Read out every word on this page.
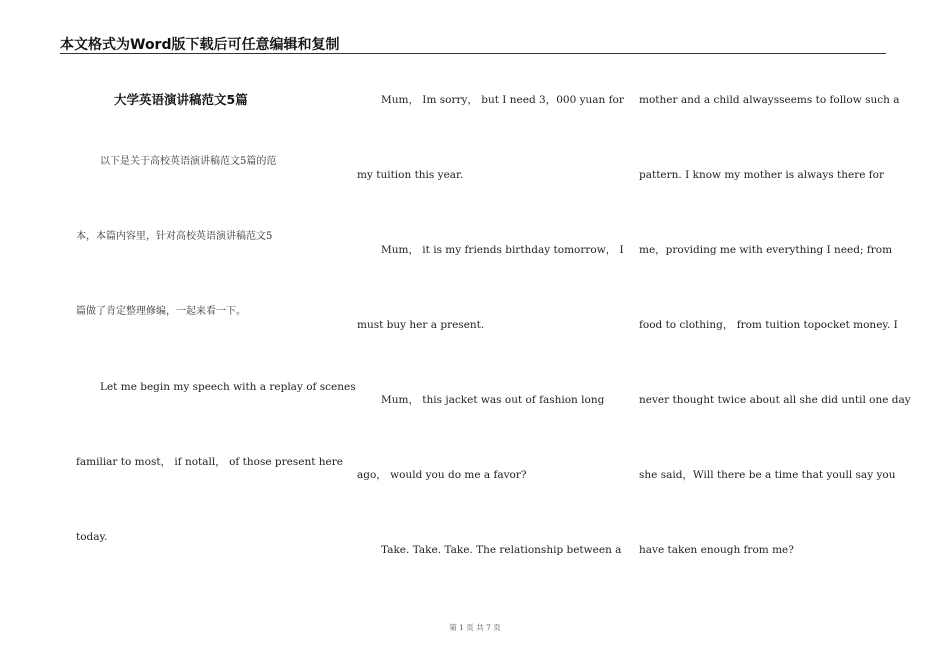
本文格式为Word版下载后可任意编辑和复制
大学英语演讲稿范文5篇
以下是关于高校英语演讲稿范文5篇的范
本，本篇内容里，针对高校英语演讲稿范文5
篇做了肯定整理修编，一起来看一下。
Let me begin my speech with a replay of scenes
familiar to most， if notall， of those present here
today.
Mum， Im sorry， but I need 3，000 yuan for
my tuition this year.
Mum， it is my friends birthday tomorrow， I
must buy her a present.
Mum， this jacket was out of fashion long
ago， would you do me a favor?
Take. Take. Take. The relationship between a
mother and a child alwaysseems to follow such a
pattern. I know my mother is always there for
me，providing me with everything I need; from
food to clothing， from tuition topocket money. I
never thought twice about all she did until one day
she said，Will there be a time that youll say you
have taken enough from me?
第 1 页 共 7 页
